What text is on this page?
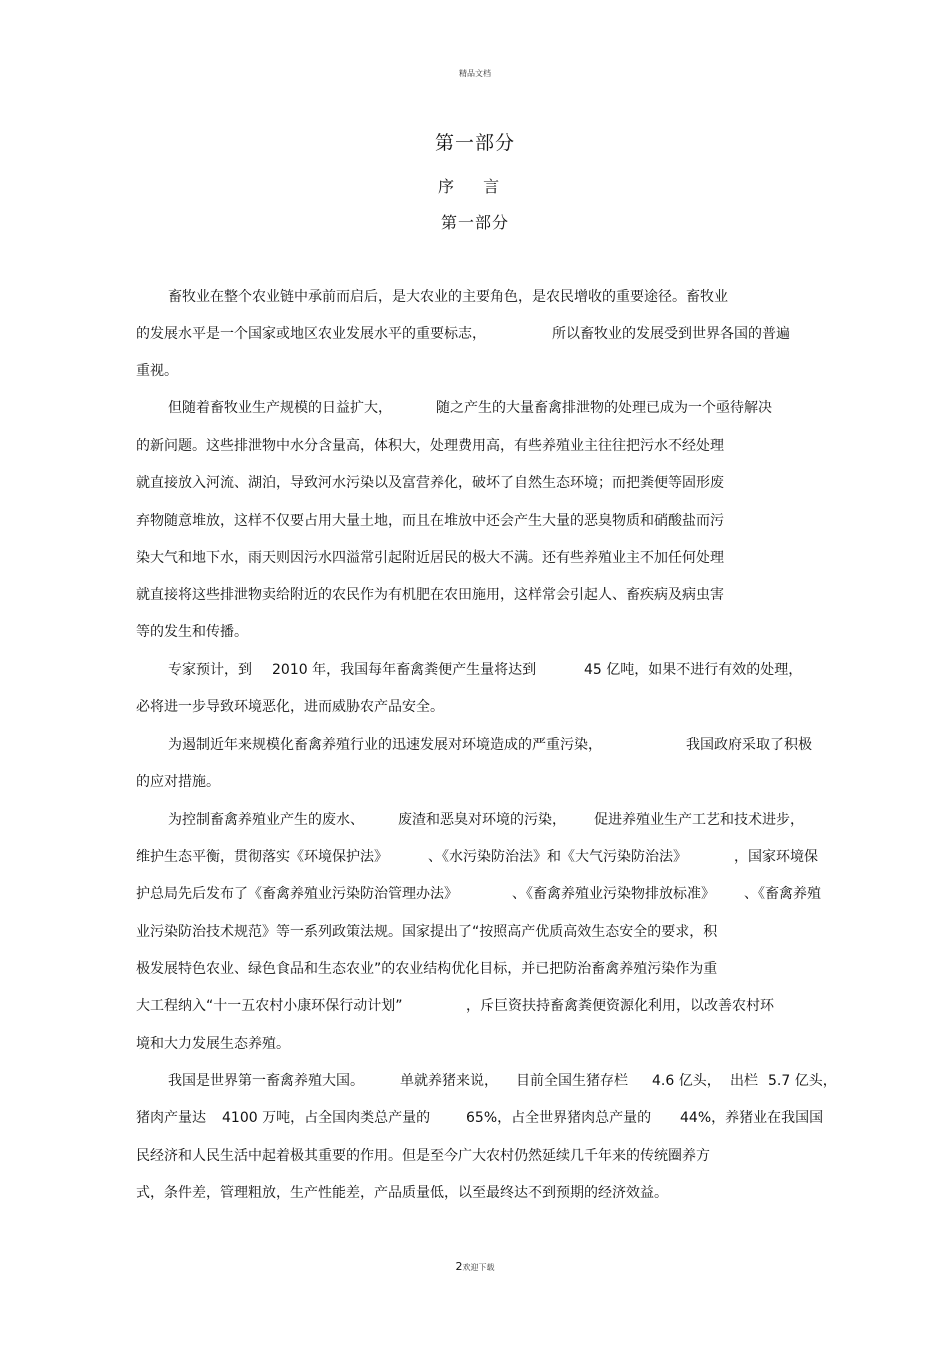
精品文档
第一部分
序 言
第一部分
畜牧业在整个农业链中承前而启后，是大农业的主要角色，是农民增收的重要途径。畜牧业
的发展水平是一个国家或地区农业发展水平的重要标志，	所以畜牧业的发展受到世界各国的普遍
重视。
但随着畜牧业生产规模的日益扩大，	随之产生的大量畜禽排泄物的处理已成为一个亟待解决
的新问题。这些排泄物中水分含量高，体积大，处理费用高，有些养殖业主往往把污水不经处理
就直接放入河流、湖泊，导致河水污染以及富营养化，破坏了自然生态环境；而把粪便等固形废
弃物随意堆放，这样不仅要占用大量土地，而且在堆放中还会产生大量的恶臭物质和硝酸盐而污
染大气和地下水，雨天则因污水四溢常引起附近居民的极大不满。还有些养殖业主不加任何处理
就直接将这些排泄物卖给附近的农民作为有机肥在农田施用，这样常会引起人、畜疾病及病虫害
等的发生和传播。
专家预计，到 2010 年，我国每年畜禽粪便产生量将达到	45 亿吨，如果不进行有效的处理，
必将进一步导致环境恶化，进而威胁农产品安全。
为遏制近年来规模化畜禽养殖行业的迅速发展对环境造成的严重污染，	我国政府采取了积极
的应对措施。
为控制畜禽养殖业产生的废水、 废渣和恶臭对环境的污染， 促进养殖业生产工艺和技术进步，
维护生态平衡，贯彻落实《环境保护法》	、《水污染防治法》和《大气污染防治法》	，国家环境保
护总局先后发布了《畜禽养殖业污染防治管理办法》	、《畜禽养殖业污染物排放标准》 、《畜禽养殖
业污染防治技术规范》等一系列政策法规。国家提出了“按照高产优质高效生态安全的要求，积
极发展特色农业、绿色食品和生态农业”的农业结构优化目标，并已把防治畜禽养殖污染作为重
大工程纳入“十一五农村小康环保行动计划”	，斥巨资扶持畜禽粪便资源化利用，以改善农村环
境和大力发展生态养殖。
我国是世界第一畜禽养殖大国。	单就养猪来说， 目前全国生猪存栏 4.6 亿头， 出栏 5.7 亿头，
猪肉产量达 4100 万吨，占全国肉类总产量的	65%，占全世界猪肉总产量的 44%，养猪业在我国国
民经济和人民生活中起着极其重要的作用。但是至今广大农村仍然延续几千年来的传统圈养方
式，条件差，管理粗放，生产性能差，产品质量低，以至最终达不到预期的经济效益。
2欢迎下载
